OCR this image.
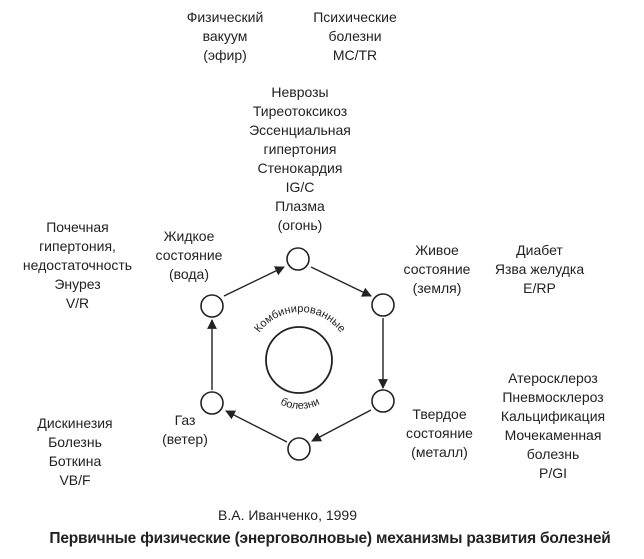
Комбинированные
болезни
Физический
вакуум
(эфир)
Психические
болезни
MC/TR
Неврозы
Тиреотоксикоз
Эссенциальная
гипертония
Стенокардия
IG/C
Плазма
(огонь)
Жидкое
состояние
(вода)
Почечная
гипертония,
недостаточность
Энурез
V/R
Живое
состояние
(земля)
Диабет
Язва желудка
E/RP
Твердое
состояние
(металл)
Атеросклероз
Пневмосклероз
Кальцификация
Мочекаменная
болезнь
P/GI
Газ
(ветер)
Дискинезия
Болезнь
Боткина
VB/F
В.А. Иванченко, 1999
Первичные физические (энерговолновые) механизмы развития болезней
